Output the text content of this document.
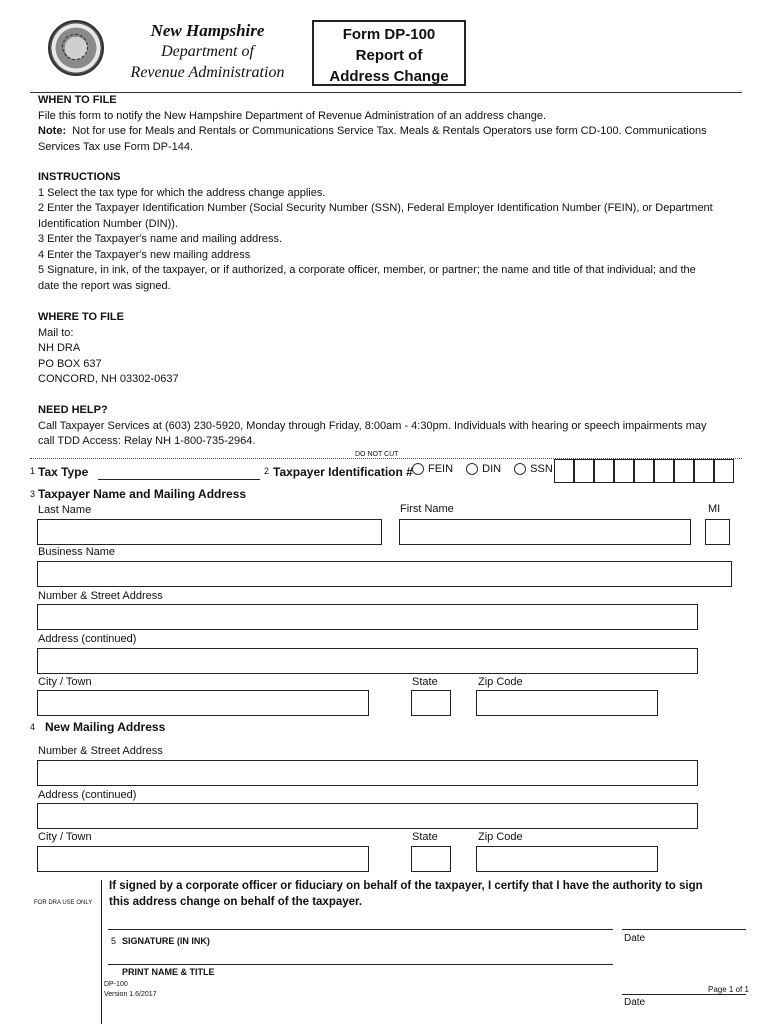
New Hampshire
Department of
Revenue Administration
Form DP-100
Report of
Address Change
WHEN TO FILE
File this form to notify the New Hampshire Department of Revenue Administration of an address change.
Note:  Not for use for Meals and Rentals or Communications Service Tax. Meals & Rentals Operators use form CD-100. Communications
Services Tax use Form DP-144.
INSTRUCTIONS
1 Select the tax type for which the address change applies.
2 Enter the Taxpayer Identification Number (Social Security Number (SSN), Federal Employer Identification Number (FEIN), or Department
Identification Number (DIN)).
3 Enter the Taxpayer's name and mailing address.
4 Enter the Taxpayer's new mailing address
5 Signature, in ink, of the taxpayer, or if authorized, a corporate officer, member, or partner; the name and title of that individual; and the
date the report was signed.
WHERE TO FILE
Mail to:
NH DRA
PO BOX 637
CONCORD, NH 03302-0637
NEED HELP?
Call Taxpayer Services at (603) 230-5920, Monday through Friday, 8:00am - 4:30pm. Individuals with hearing or speech impairments may
call TDD Access: Relay NH 1-800-735-2964.
DO NOT CUT
1 Tax Type	2 Taxpayer Identification #	FEIN	DIN	SSN
3 Taxpayer Name and Mailing Address
Last Name	First Name	MI
Business Name
Number & Street Address
Address (continued)
City / Town	State	Zip Code
4 New Mailing Address
Number & Street Address
Address (continued)
City / Town	State	Zip Code
FOR DRA USE ONLY
If signed by a corporate officer or fiduciary on behalf of the taxpayer, I certify that I have the authority to sign
this address change on behalf of the taxpayer.
5 SIGNATURE (IN INK)	Date
PRINT NAME & TITLE
Date
DP-100
Version 1.6/2017
Page 1 of 1
